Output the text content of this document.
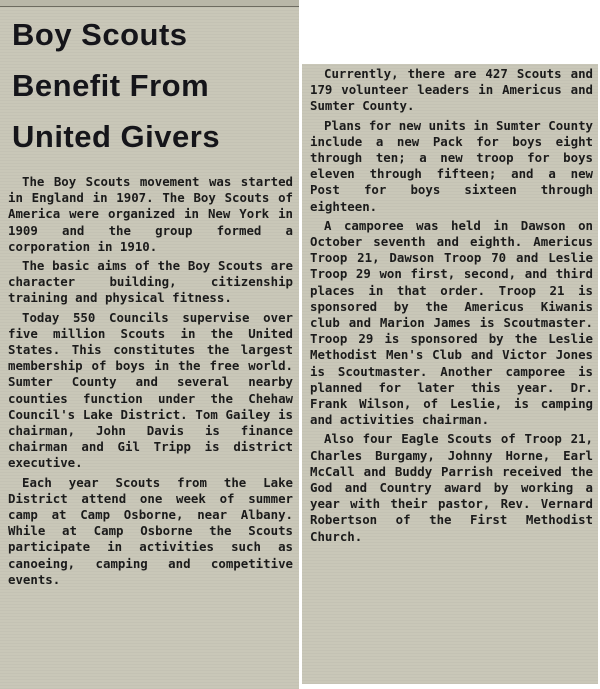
Boy Scouts
Benefit From
United Givers

The Boy Scouts movement was started in England in 1907. The Boy Scouts of America were organized in New York in 1909 and the group formed a corporation in 1910.

The basic aims of the Boy Scouts are character building, citizenship training and physical fitness.

Today 550 Councils supervise over five million Scouts in the United States. This constitutes the largest membership of boys in the free world. Sumter County and several nearby counties function under the Chehaw Council's Lake District. Tom Gailey is chairman, John Davis is finance chairman and Gil Tripp is district executive.

Each year Scouts from the Lake District attend one week of summer camp at Camp Osborne, near Albany. While at Camp Osborne the Scouts participate in activities such as canoeing, camping and competitive events.

Currently, there are 427 Scouts and 179 volunteer leaders in Americus and Sumter County.

Plans for new units in Sumter County include a new Pack for boys eight through ten; a new troop for boys eleven through fifteen; and a new Post for boys sixteen through eighteen.

A camporee was held in Dawson on October seventh and eighth. Americus Troop 21, Dawson Troop 70 and Leslie Troop 29 won first, second, and third places in that order. Troop 21 is sponsored by the Americus Kiwanis club and Marion James is Scoutmaster. Troop 29 is sponsored by the Leslie Methodist Men's Club and Victor Jones is Scoutmaster. Another camporee is planned for later this year. Dr. Frank Wilson, of Leslie, is camping and activities chairman.

Also four Eagle Scouts of Troop 21, Charles Burgamy, Johnny Horne, Earl McCall and Buddy Parrish received the God and Country award by working a year with their pastor, Rev. Vernard Robertson of the First Methodist Church.
